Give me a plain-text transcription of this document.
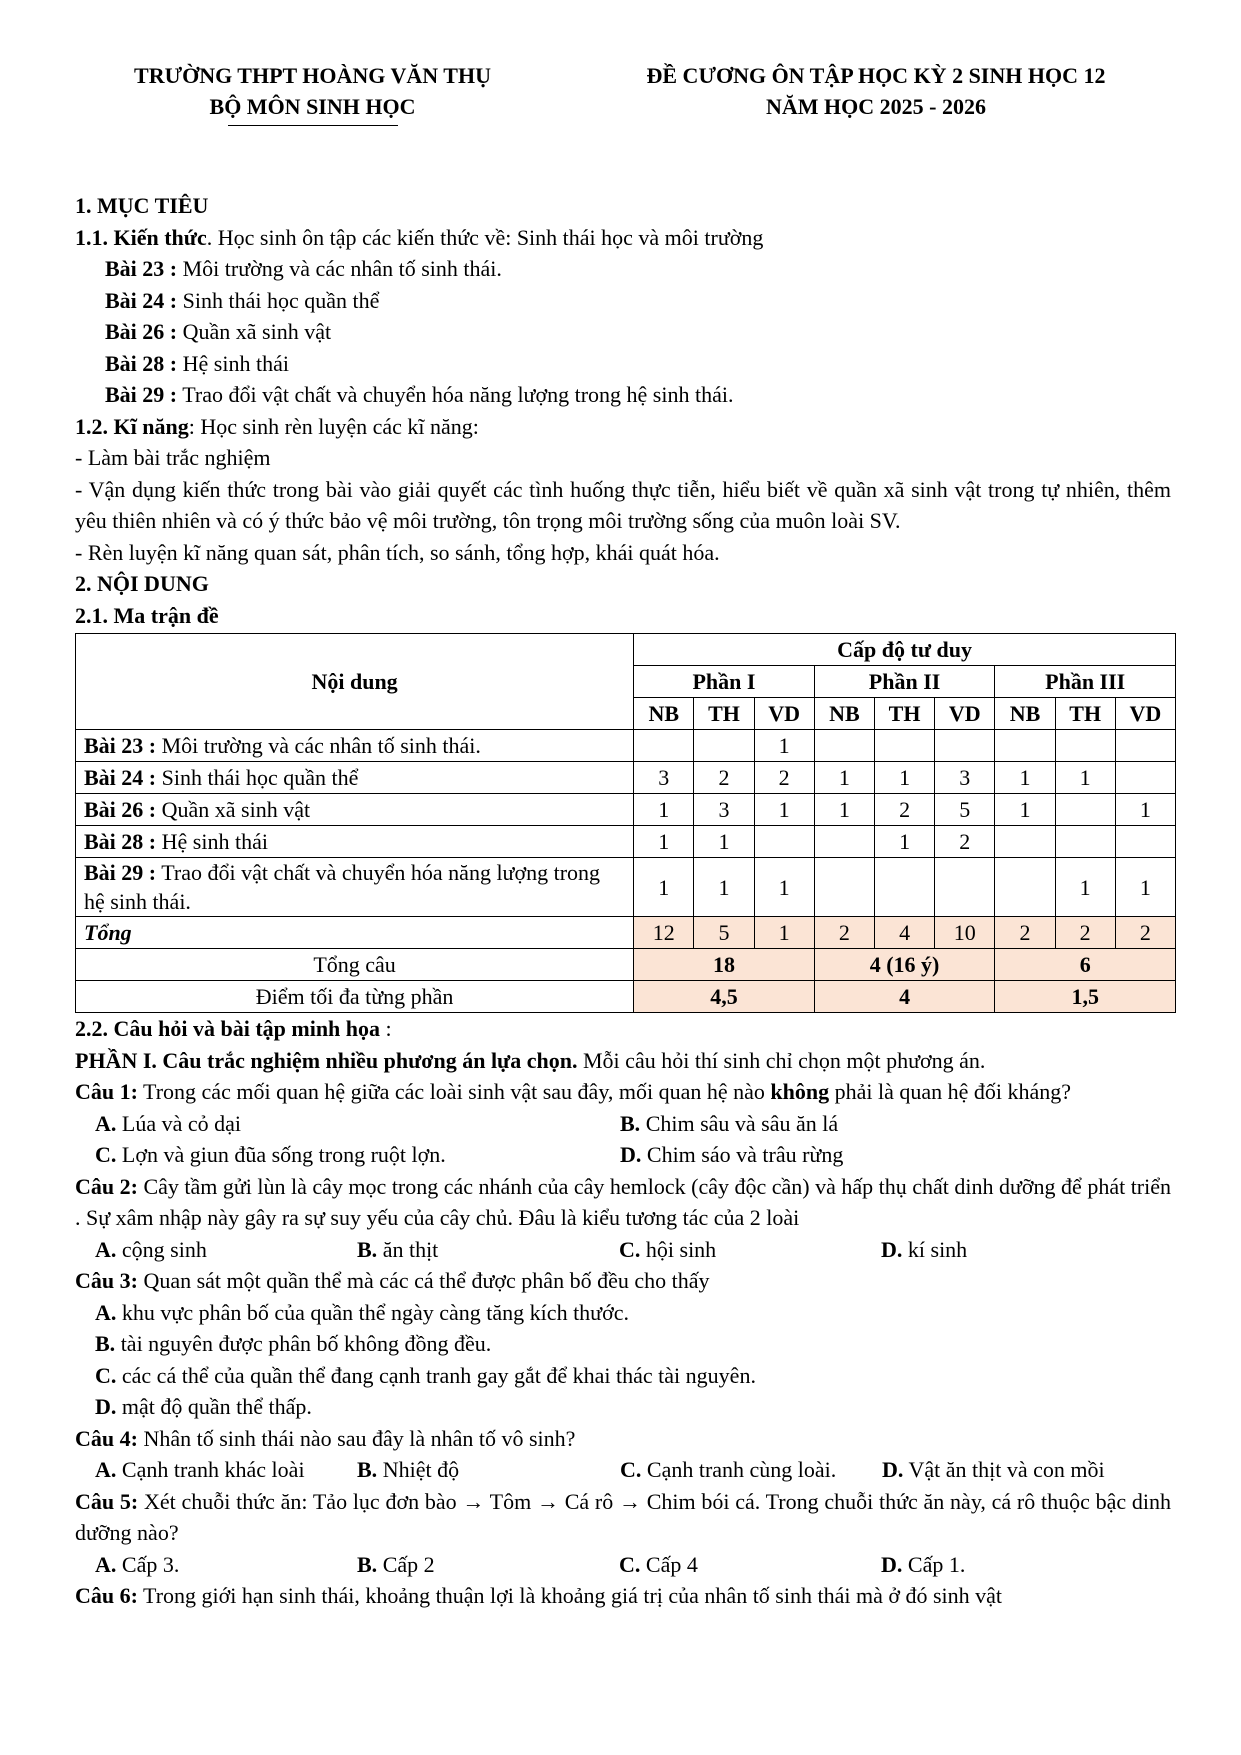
TRƯỜNG THPT HOÀNG VĂN THỤ
BỘ MÔN SINH HỌC
ĐỀ CƯƠNG ÔN TẬP HỌC KỲ 2 SINH HỌC 12
NĂM HỌC 2025 - 2026

1. MỤC TIÊU

1.1. Kiến thức. Học sinh ôn tập các kiến thức về: Sinh thái học và môi trường

Bài 23 : Môi trường và các nhân tố sinh thái.

Bài 24 : Sinh thái học quần thể

Bài 26 : Quần xã sinh vật

Bài 28 : Hệ sinh thái

Bài 29 : Trao đổi vật chất và chuyển hóa năng lượng trong hệ sinh thái.

1.2. Kĩ năng: Học sinh rèn luyện các kĩ năng:

- Làm bài trắc nghiệm

- Vận dụng kiến thức trong bài vào giải quyết các tình huống thực tiễn, hiểu biết về quần xã sinh vật trong tự nhiên, thêm yêu thiên nhiên và có ý thức bảo vệ môi trường, tôn trọng môi trường sống của muôn loài SV.

- Rèn luyện kĩ năng quan sát, phân tích, so sánh, tổng hợp, khái quát hóa.

2. NỘI DUNG

2.1. Ma trận đề

Nội dung	Cấp độ tư duy								
	Phần I			Phần II			Phần III		
	NB	TH	VD	NB	TH	VD	NB	TH	VD
Bài 23 : Môi trường và các nhân tố sinh thái.			1						
Bài 24 : Sinh thái học quần thể	3	2	2	1	1	3	1	1	
Bài 26 : Quần xã sinh vật	1	3	1	1	2	5	1		1
Bài 28 : Hệ sinh thái	1	1			1	2			
Bài 29 : Trao đổi vật chất và chuyển hóa năng lượng trong hệ sinh thái.	1	1	1					1	1
Tổng	12	5	1	2	4	10	2	2	2
Tổng câu	18			4 (16 ý)			6		
Điểm tối đa từng phần	4,5			4			1,5		

2.2. Câu hỏi và bài tập minh họa :

PHẦN I. Câu trắc nghiệm nhiều phương án lựa chọn. Mỗi câu hỏi thí sinh chỉ chọn một phương án.

Câu 1: Trong các mối quan hệ giữa các loài sinh vật sau đây, mối quan hệ nào không phải là quan hệ đối kháng?

A. Lúa và cỏ dại	B. Chim sâu và sâu ăn lá
C. Lợn và giun đũa sống trong ruột lợn.	D. Chim sáo và trâu rừng

Câu 2: Cây tầm gửi lùn là cây mọc trong các nhánh của cây hemlock (cây độc cần) và hấp thụ chất dinh dưỡng để phát triển . Sự xâm nhập này gây ra sự suy yếu của cây chủ. Đâu là kiểu tương tác của 2 loài

A. cộng sinh	B. ăn thịt	C. hội sinh	D. kí sinh

Câu 3: Quan sát một quần thể mà các cá thể được phân bố đều cho thấy

A. khu vực phân bố của quần thể ngày càng tăng kích thước.

B. tài nguyên được phân bố không đồng đều.

C. các cá thể của quần thể đang cạnh tranh gay gắt để khai thác tài nguyên.

D. mật độ quần thể thấp.

Câu 4: Nhân tố sinh thái nào sau đây là nhân tố vô sinh?

A. Cạnh tranh khác loài	B. Nhiệt độ	C. Cạnh tranh cùng loài.	D. Vật ăn thịt và con mồi

Câu 5: Xét chuỗi thức ăn: Tảo lục đơn bào → Tôm → Cá rô → Chim bói cá. Trong chuỗi thức ăn này, cá rô thuộc bậc dinh dưỡng nào?

A. Cấp 3.	B. Cấp 2	C. Cấp 4	D. Cấp 1.

Câu 6: Trong giới hạn sinh thái, khoảng thuận lợi là khoảng giá trị của nhân tố sinh thái mà ở đó sinh vật
